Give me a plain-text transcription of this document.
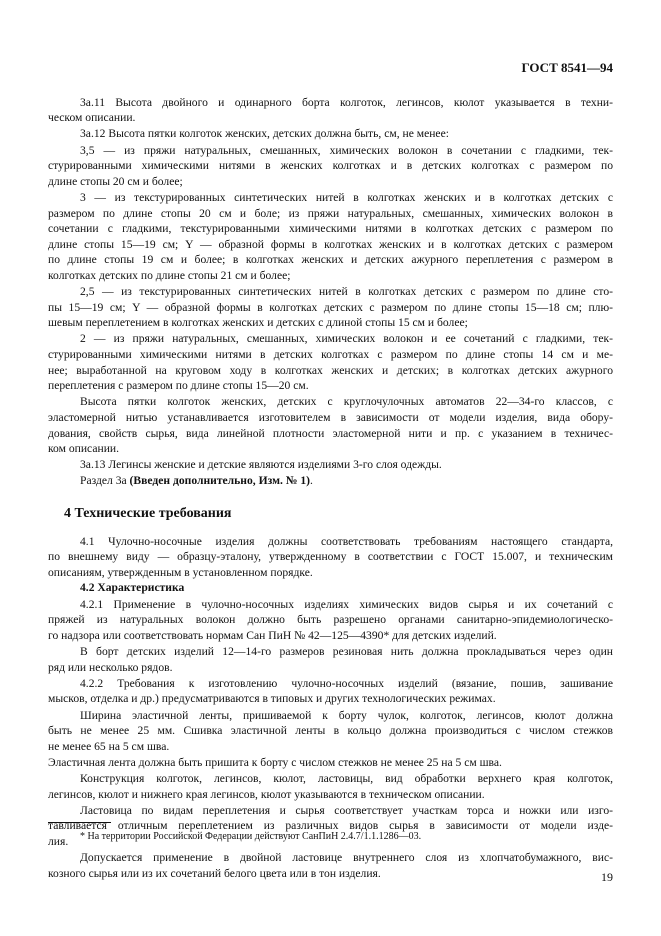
ГОСТ 8541—94
3а.11 Высота двойного и одинарного борта колготок, легинсов, кюлот указывается в техни-
ческом описании.
3а.12 Высота пятки колготок женских, детских должна быть, см, не менее:
3,5 — из пряжи натуральных, смешанных, химических волокон в сочетании с гладкими, тек-
стурированными химическими нитями в женских колготках и в детских колготках с размером по
длине стопы 20 см и более;
3 — из текстурированных синтетических нитей в колготках женских и в колготках детских с
размером по длине стопы 20 см и боле; из пряжи натуральных, смешанных, химических волокон в
сочетании с гладкими, текстурированными химическими нитями в колготках детских с размером по
длине стопы 15—19 см; Y — образной формы в колготках женских и в колготках детских с размером
по длине стопы 19 см и более; в колготках женских и детских ажурного переплетения с размером в
колготках детских по длине стопы 21 см и более;
2,5 — из текстурированных синтетических нитей в колготках детских с размером по длине сто-
пы 15—19 см; Y — образной формы в колготках детских с размером по длине стопы 15—18 см; плю-
шевым переплетением в колготках женских и детских с длиной стопы 15 см и более;
2 — из пряжи натуральных, смешанных, химических волокон и ее сочетаний с гладкими, тек-
стурированными химическими нитями в детских колготках с размером по длине стопы 14 см и ме-
нее; выработанной на круговом ходу в колготках женских и детских; в колготках детских ажурного
переплетения с размером по длине стопы 15—20 см.
Высота пятки колготок женских, детских с круглочулочных автоматов 22—34-го классов, с
эластомерной нитью устанавливается изготовителем в зависимости от модели изделия, вида обору-
дования, свойств сырья, вида линейной плотности эластомерной нити и пр. с указанием в техничес-
ком описании.
3а.13 Легинсы женские и детские являются изделиями 3-го слоя одежды.
Раздел 3а (Введен дополнительно, Изм. № 1).
4 Технические требования
4.1 Чулочно-носочные изделия должны соответствовать требованиям настоящего стандарта,
по внешнему виду — образцу-эталону, утвержденному в соответствии с ГОСТ 15.007, и техническим
описаниям, утвержденным в установленном порядке.
4.2 Характеристика
4.2.1 Применение в чулочно-носочных изделиях химических видов сырья и их сочетаний с
пряжей из натуральных волокон должно быть разрешено органами санитарно-эпидемиологическо-
го надзора или соответствовать нормам Сан ПиН № 42—125—4390* для детских изделий.
В борт детских изделий 12—14-го размеров резиновая нить должна прокладываться через один
ряд или несколько рядов.
4.2.2 Требования к изготовлению чулочно-носочных изделий (вязание, пошив, зашивание
мысков, отделка и др.) предусматриваются в типовых и других технологических режимах.
Ширина эластичной ленты, пришиваемой к борту чулок, колготок, легинсов, кюлот должна
быть не менее 25 мм. Сшивка эластичной ленты в кольцо должна производиться с числом стежков
не менее 65 на 5 см шва.
Эластичная лента должна быть пришита к борту с числом стежков не менее 25 на 5 см шва.
Конструкция колготок, легинсов, кюлот, ластовицы, вид обработки верхнего края колготок,
легинсов, кюлот и нижнего края легинсов, кюлот указываются в техническом описании.
Ластовица по видам переплетения и сырья соответствует участкам торса и ножки или изго-
тавливается отличным переплетением из различных видов сырья в зависимости от модели изде-
лия.
Допускается применение в двойной ластовице внутреннего слоя из хлопчатобумажного, вис-
козного сырья или из их сочетаний белого цвета или в тон изделия.
* На территории Российской Федерации действуют СанПиН 2.4.7/1.1.1286—03.
19
